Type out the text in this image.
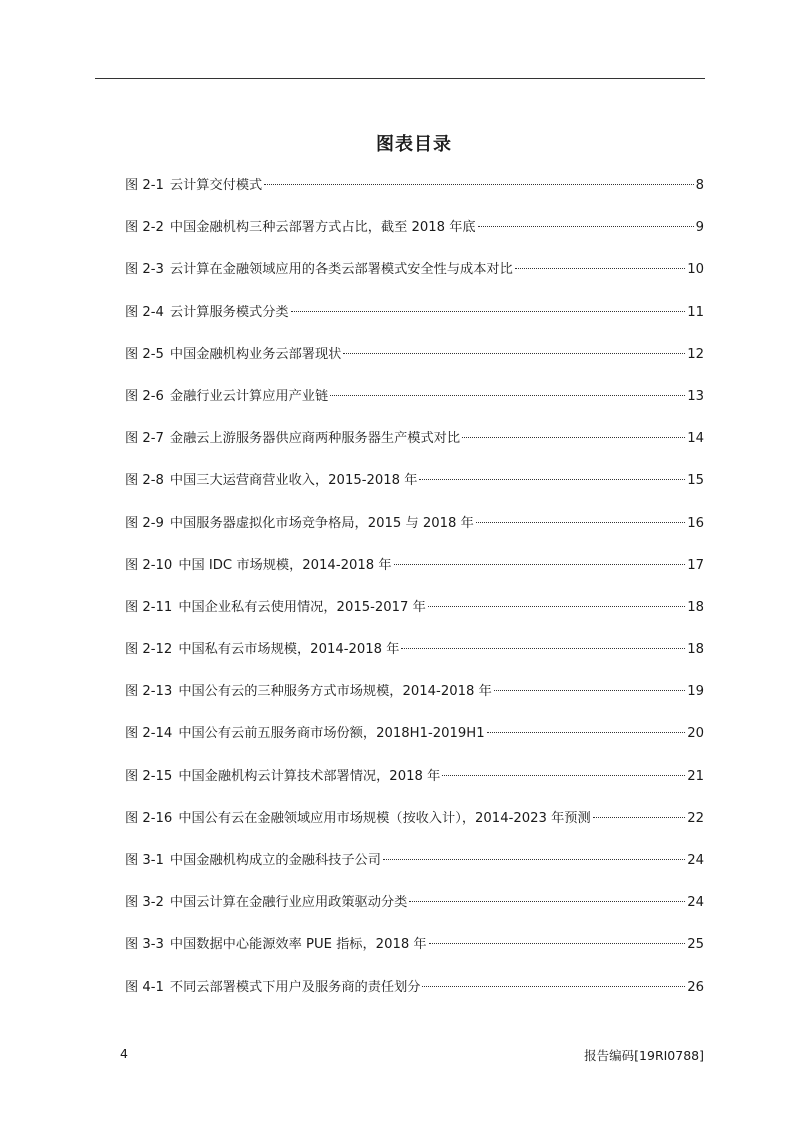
图表目录
图 2-1 云计算交付模式	8
图 2-2 中国金融机构三种云部署方式占比，截至 2018 年底	9
图 2-3 云计算在金融领域应用的各类云部署模式安全性与成本对比	10
图 2-4 云计算服务模式分类	11
图 2-5 中国金融机构业务云部署现状	12
图 2-6 金融行业云计算应用产业链	13
图 2-7 金融云上游服务器供应商两种服务器生产模式对比	14
图 2-8 中国三大运营商营业收入，2015-2018 年	15
图 2-9 中国服务器虚拟化市场竞争格局，2015 与 2018 年	16
图 2-10 中国 IDC 市场规模，2014-2018 年	17
图 2-11 中国企业私有云使用情况，2015-2017 年	18
图 2-12 中国私有云市场规模，2014-2018 年	18
图 2-13 中国公有云的三种服务方式市场规模，2014-2018 年	19
图 2-14 中国公有云前五服务商市场份额，2018H1-2019H1	20
图 2-15 中国金融机构云计算技术部署情况，2018 年	21
图 2-16 中国公有云在金融领域应用市场规模（按收入计），2014-2023 年预测	22
图 3-1 中国金融机构成立的金融科技子公司	24
图 3-2 中国云计算在金融行业应用政策驱动分类	24
图 3-3 中国数据中心能源效率 PUE 指标，2018 年	25
图 4-1 不同云部署模式下用户及服务商的责任划分	26
4	报告编码[19RI0788]
